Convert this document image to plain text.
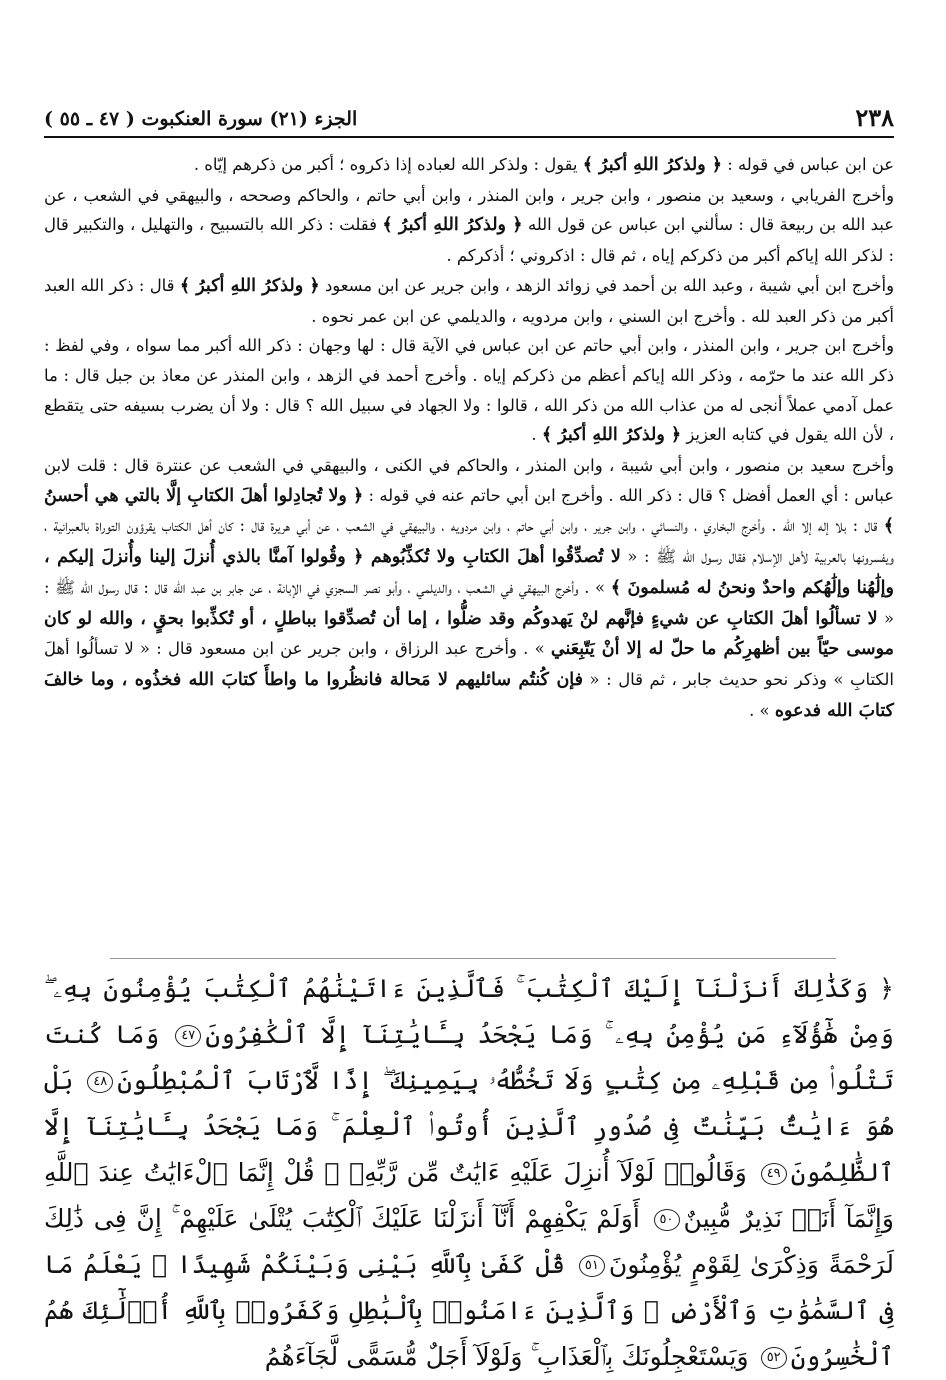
٢٣٨
الجزء (٢١) سورة العنكبوت ( ٤٧ ـ ٥٥ )

عن ابن عباس في قوله : ﴿ ولذكرُ اللهِ أكبرُ ﴾ يقول : ولذكر الله لعباده إذا ذكروه ؛ أكبر من ذكرهم إيّاه .

وأخرج الفريابي ، وسعيد بن منصور ، وابن جرير ، وابن المنذر ، وابن أبي حاتم ، والحاكم وصححه ، والبيهقي في الشعب ، عن عبد الله بن ربيعة قال : سألني ابن عباس عن قول الله ﴿ ولذكرُ اللهِ أكبرُ ﴾ فقلت : ذكر الله بالتسبيح ، والتهليل ، والتكبير قال : لذكر الله إياكم أكبر من ذكركم إياه ، ثم قال : اذكروني ؛ أذكركم .

وأخرج ابن أبي شيبة ، وعبد الله بن أحمد في زوائد الزهد ، وابن جرير عن ابن مسعود ﴿ ولذكرُ اللهِ أكبرُ ﴾ قال : ذكر الله العبد أكبر من ذكر العبد لله . وأخرج ابن السني ، وابن مردويه ، والديلمي عن ابن عمر نحوه .

وأخرج ابن جرير ، وابن المنذر ، وابن أبي حاتم عن ابن عباس في الآية قال : لها وجهان : ذكر الله أكبر مما سواه ، وفي لفظ : ذكر الله عند ما حرّمه ، وذكر الله إياكم أعظم من ذكركم إياه . وأخرج أحمد في الزهد ، وابن المنذر عن معاذ بن جبل قال : ما عمل آدمي عملاً أنجى له من عذاب الله من ذكر الله ، قالوا : ولا الجهاد في سبيل الله ؟ قال : ولا أن يضرب بسيفه حتى يتقطع ، لأن الله يقول في كتابه العزيز ﴿ ولذكرُ اللهِ أكبرُ ﴾ .

وأخرج سعيد بن منصور ، وابن أبي شيبة ، وابن المنذر ، والحاكم في الكنى ، والبيهقي في الشعب عن عنترة قال : قلت لابن عباس : أي العمل أفضل ؟ قال : ذكر الله . وأخرج ابن أبي حاتم عنه في قوله : ﴿ ولا تُجادِلوا أهلَ الكتابِ إلَّا بالتي هي أحسنُ ﴾ قال : بلا إله إلا الله . وأخرج البخاري ، والنسائي ، وابن جرير ، وابن أبي حاتم ، وابن مردويه ، والبيهقي في الشعب ، عن أبي هريرة قال : كان أهل الكتاب يقرؤون التوراة بالعبرانية ، ويفسرونها بالعربية لأهل الإسلام فقال رسول الله ﷺ : « لا تُصدِّقُوا أهلَ الكتابِ ولا تُكذِّبُوهم ﴿ وقُولوا آمنَّا بالذي أُنزلَ إلينا وأُنزلَ إليكم ، وإلَٰهُنا وإلَٰهُكم واحدٌ ونحنُ له مُسلمونَ ﴾ » . وأخرج البيهقي في الشعب ، والديلمي ، وأبو نصر السجزي في الإبانة ، عن جابر بن عبد الله قال : قال رسول الله ﷺ : « لا تسألُوا أهلَ الكتابِ عن شيءٍ فإنَّهم لنْ يَهدوكُم وقد ضلُّوا ، إما أن تُصدِّقوا بباطلٍ ، أو تُكذِّبوا بحقٍ ، والله لو كان موسى حيّاً بين أظهرِكُم ما حلّ له إلا أنْ يَتّبِعَني » . وأخرج عبد الرزاق ، وابن جرير عن ابن مسعود قال : « لا تسألُوا أهلَ الكتابِ » وذكر نحو حديث جابر ، ثم قال : « فإن كُنتُم سائليهم لا مَحالة فانظُروا ما واطأَ كتابَ الله فخذُوه ، وما خالفَ كتابَ الله فدعوه » .

﴿ وَكَذَٰلِكَ أَنزَلْنَآ إِلَيْكَ ٱلْكِتَٰبَ ۚ فَٱلَّذِينَ ءَاتَيْنَٰهُمُ ٱلْكِتَٰبَ يُؤْمِنُونَ بِهِۦ ۖ وَمِنْ هَٰٓؤُلَآءِ مَن يُؤْمِنُ بِهِۦ ۚ وَمَا يَجْحَدُ بِـَٔايَٰتِنَآ إِلَّا ٱلْكَٰفِرُونَ٤٧ وَمَا كُنتَ تَتْلُوا۟ مِن قَبْلِهِۦ مِن كِتَٰبٍ وَلَا تَخُطُّهُۥ بِيَمِينِكَ ۖ إِذًا لَّٱرْتَابَ ٱلْمُبْطِلُونَ٤٨ بَلْ هُوَ ءَايَٰتٌۢ بَيِّنَٰتٌ فِى صُدُورِ ٱلَّذِينَ أُوتُوا۟ ٱلْعِلْمَ ۚ وَمَا يَجْحَدُ بِـَٔايَٰتِنَآ إِلَّا ٱلظَّٰلِمُونَ٤٩ وَقَالُوا۟ لَوْلَآ أُنزِلَ عَلَيْهِ ءَايَٰتٌ مِّن رَّبِّهِۦ ۖ قُلْ إِنَّمَا ٱلْءَايَٰتُ عِندَ ٱللَّهِ وَإِنَّمَآ أَنَا۠ نَذِيرٌ مُّبِينٌ٥٠ أَوَلَمْ يَكْفِهِمْ أَنَّآ أَنزَلْنَا عَلَيْكَ ٱلْكِتَٰبَ يُتْلَىٰ عَلَيْهِمْ ۚ إِنَّ فِى ذَٰلِكَ لَرَحْمَةً وَذِكْرَىٰ لِقَوْمٍ يُؤْمِنُونَ٥١ قُلْ كَفَىٰ بِٱللَّهِ بَيْنِى وَبَيْنَكُمْ شَهِيدًا ۖ يَعْلَمُ مَا فِى ٱلسَّمَٰوَٰتِ وَٱلْأَرْضِ ۗ وَٱلَّذِينَ ءَامَنُوا۟ بِٱلْبَٰطِلِ وَكَفَرُوا۟ بِٱللَّهِ أُو۟لَٰٓئِكَ هُمُ ٱلْخَٰسِرُونَ٥٢ وَيَسْتَعْجِلُونَكَ بِٱلْعَذَابِ ۚ وَلَوْلَآ أَجَلٌ مُّسَمًّى لَّجَآءَهُمُ
